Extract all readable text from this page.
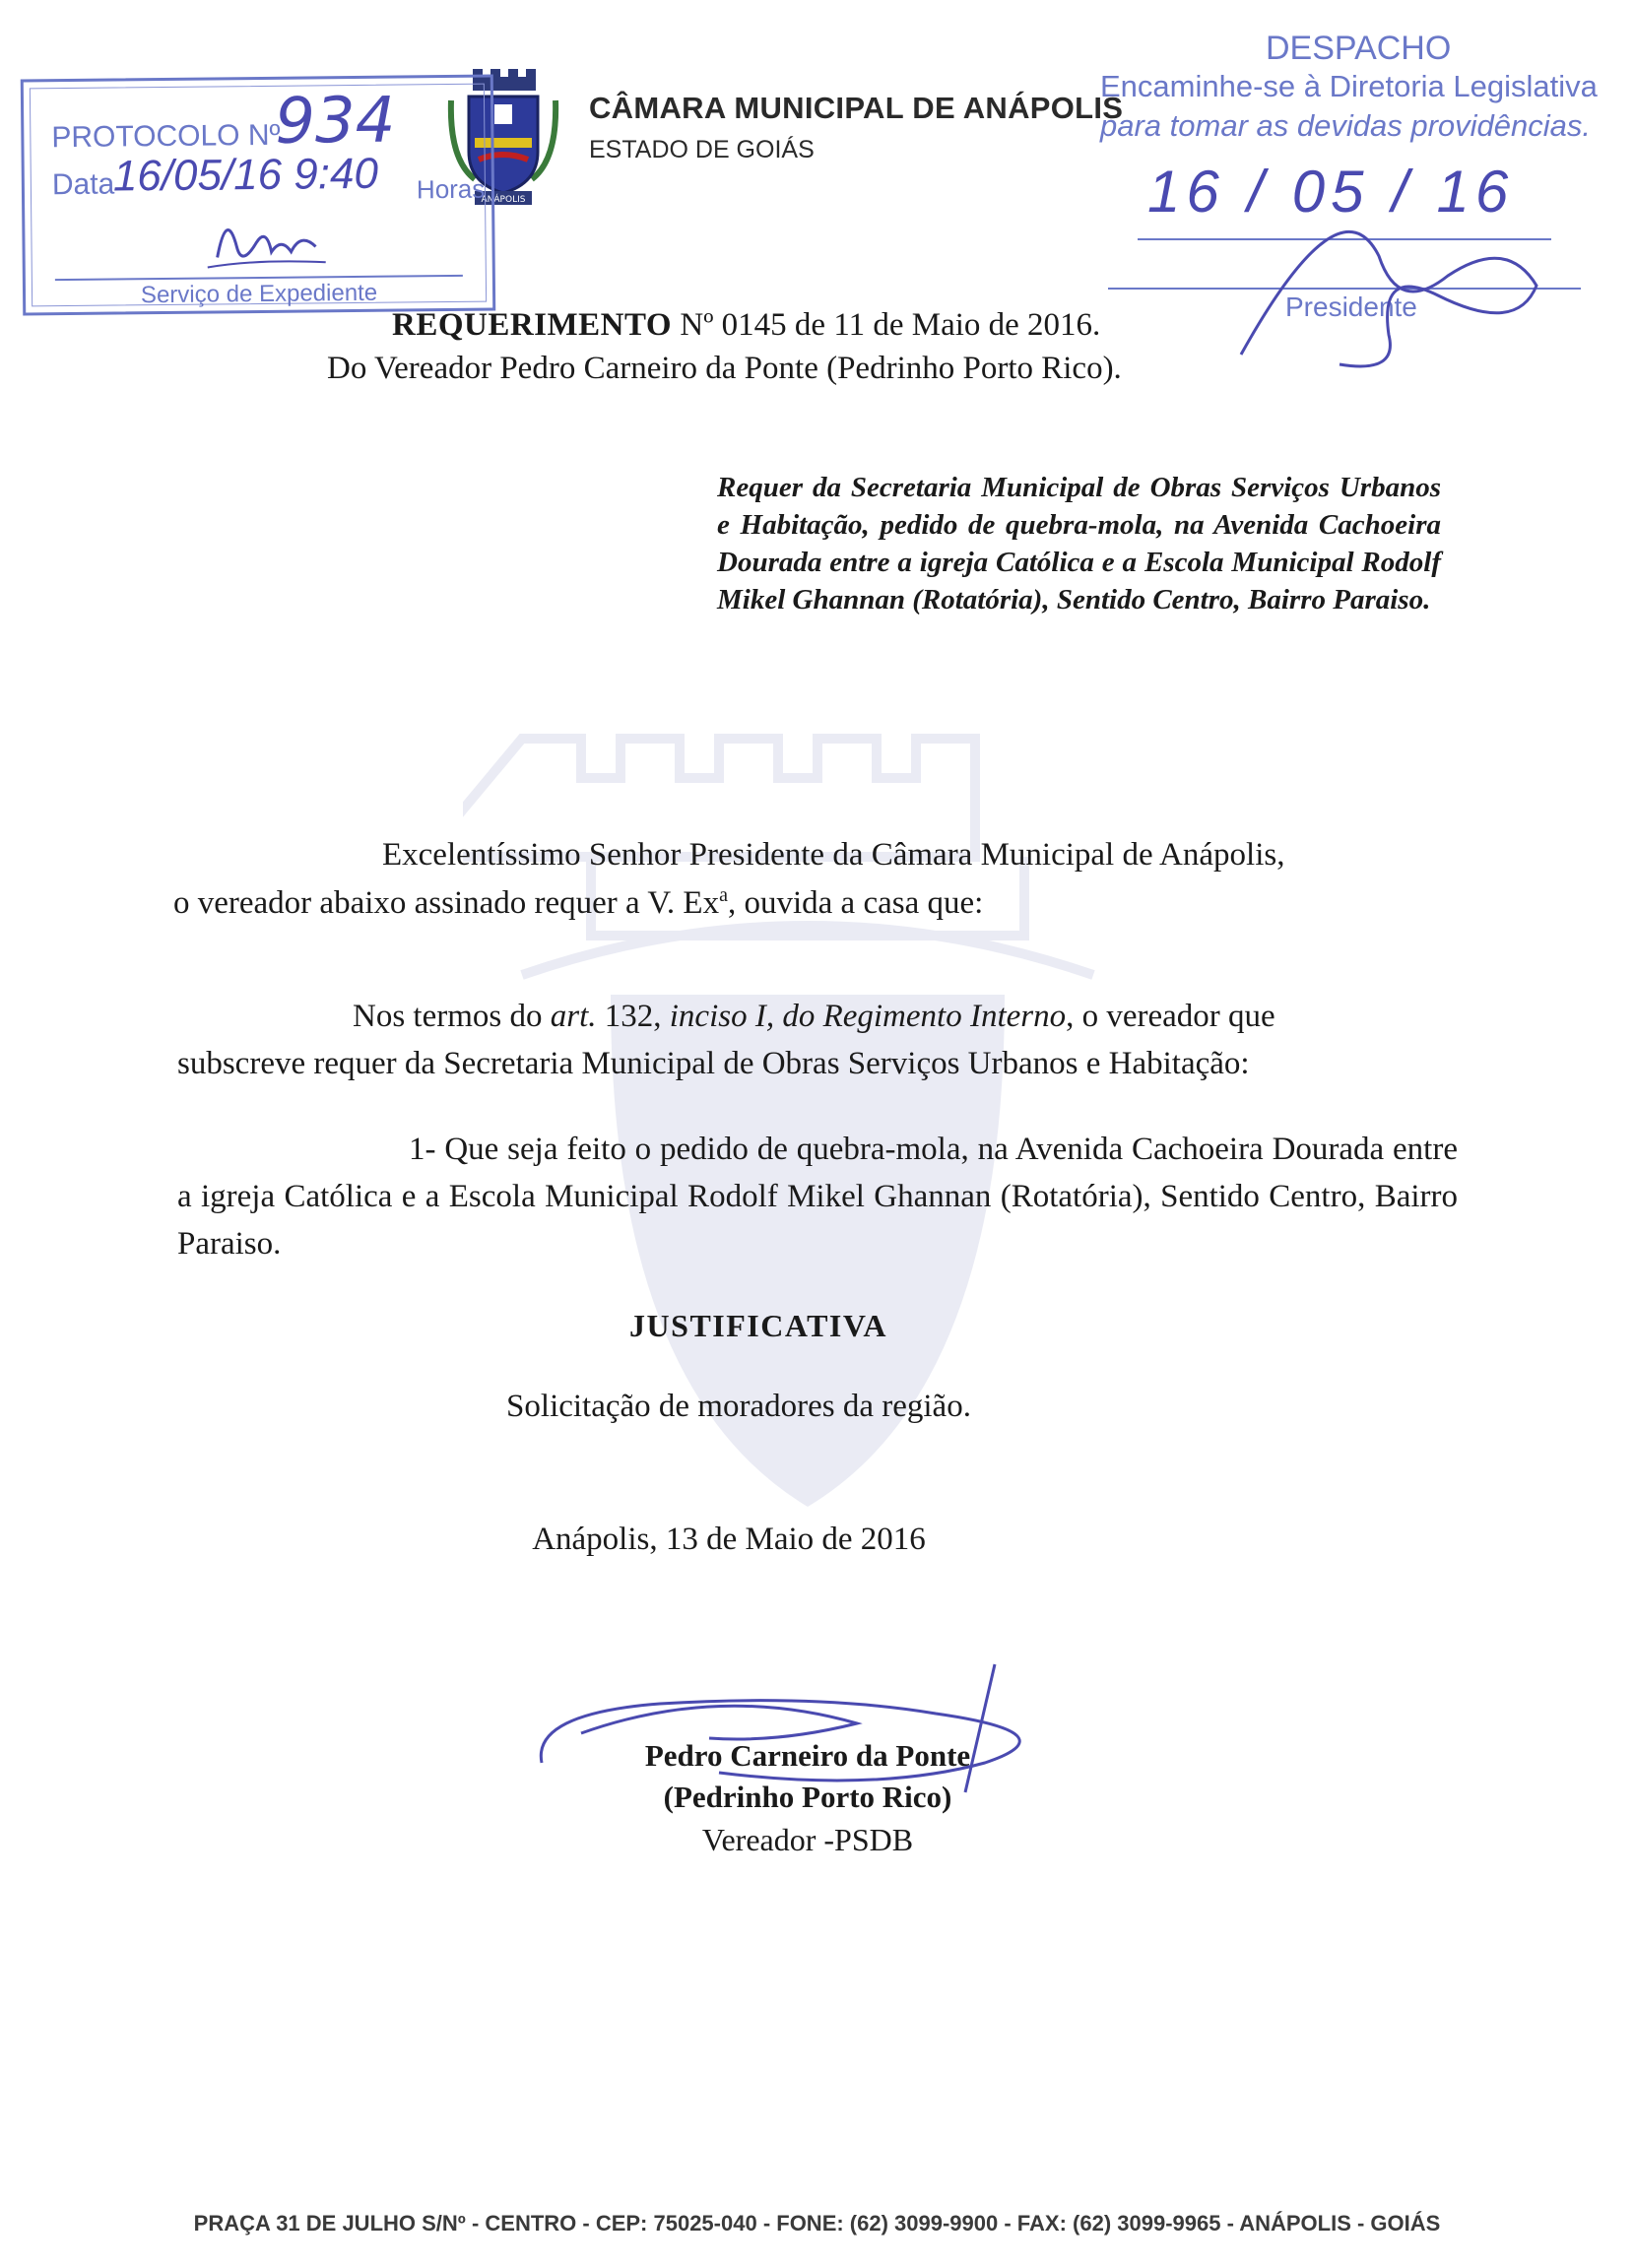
ANÁPOLIS
CÂMARA MUNICIPAL DE ANÁPOLIS
ESTADO DE GOIÁS
PROTOCOLO Nº
934
Data
16/05/16 9:40 Horas
Serviço de Expediente
DESPACHO
Encaminhe-se à Diretoria Legislativa
para tomar as devidas providências.
16 / 05 / 16
Presidente
REQUERIMENTO Nº 0145 de 11 de Maio de 2016.
Do Vereador Pedro Carneiro da Ponte (Pedrinho Porto Rico).
Requer da Secretaria Municipal de Obras Serviços Urbanos e Habitação, pedido de quebra-mola, na Avenida Cachoeira Dourada entre a igreja Católica e a Escola Municipal Rodolf Mikel Ghannan (Rotatória), Sentido Centro, Bairro Paraiso.
Excelentíssimo Senhor Presidente da Câmara Municipal de Anápolis,
o vereador abaixo assinado requer a V. Ex$^a$, ouvida a casa que:
Nos termos do art. 132, inciso I, do Regimento Interno, o vereador que
subscreve requer da Secretaria Municipal de Obras Serviços Urbanos e Habitação:
1- Que seja feito o pedido de quebra-mola, na Avenida Cachoeira Dourada entre a igreja Católica e a Escola Municipal Rodolf Mikel Ghannan (Rotatória), Sentido Centro, Bairro Paraiso.
JUSTIFICATIVA
Solicitação de moradores da região.
Anápolis, 13 de Maio de 2016
Pedro Carneiro da Ponte
(Pedrinho Porto Rico)
Vereador -PSDB
PRAÇA 31 DE JULHO S/Nº - CENTRO - CEP: 75025-040 - FONE: (62) 3099-9900 - FAX: (62) 3099-9965 - ANÁPOLIS - GOIÁS
